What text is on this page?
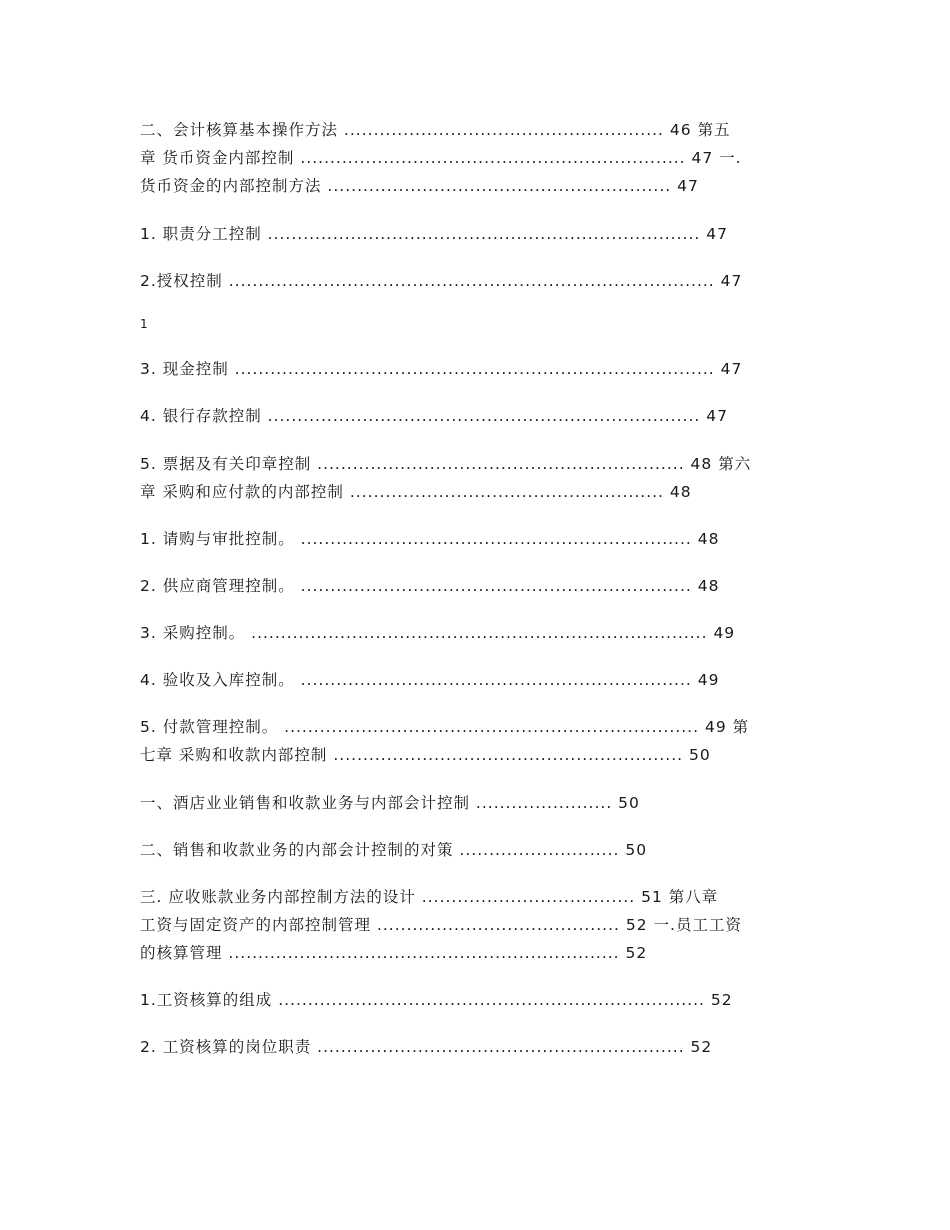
二、会计核算基本操作方法 ...................................................... 46 第五
章 货币资金内部控制 ................................................................. 47 一.
货币资金的内部控制方法 .......................................................... 47
1. 职责分工控制 ......................................................................... 47
2.授权控制 .................................................................................. 47
1
3. 现金控制 ................................................................................. 47
4. 银行存款控制 ......................................................................... 47
5. 票据及有关印章控制 .............................................................. 48 第六
章 采购和应付款的内部控制 ..................................................... 48
1. 请购与审批控制。 .................................................................. 48
2. 供应商管理控制。 .................................................................. 48
3. 采购控制。 ............................................................................. 49
4. 验收及入库控制。 .................................................................. 49
5. 付款管理控制。 ...................................................................... 49 第
七章 采购和收款内部控制 ........................................................... 50
一、酒店业业销售和收款业务与内部会计控制 ....................... 50
二、销售和收款业务的内部会计控制的对策 ........................... 50
三. 应收账款业务内部控制方法的设计 .................................... 51 第八章
工资与固定资产的内部控制管理 ......................................... 52 一.员工工资
的核算管理 .................................................................. 52
1.工资核算的组成 ........................................................................ 52
2. 工资核算的岗位职责 .............................................................. 52
